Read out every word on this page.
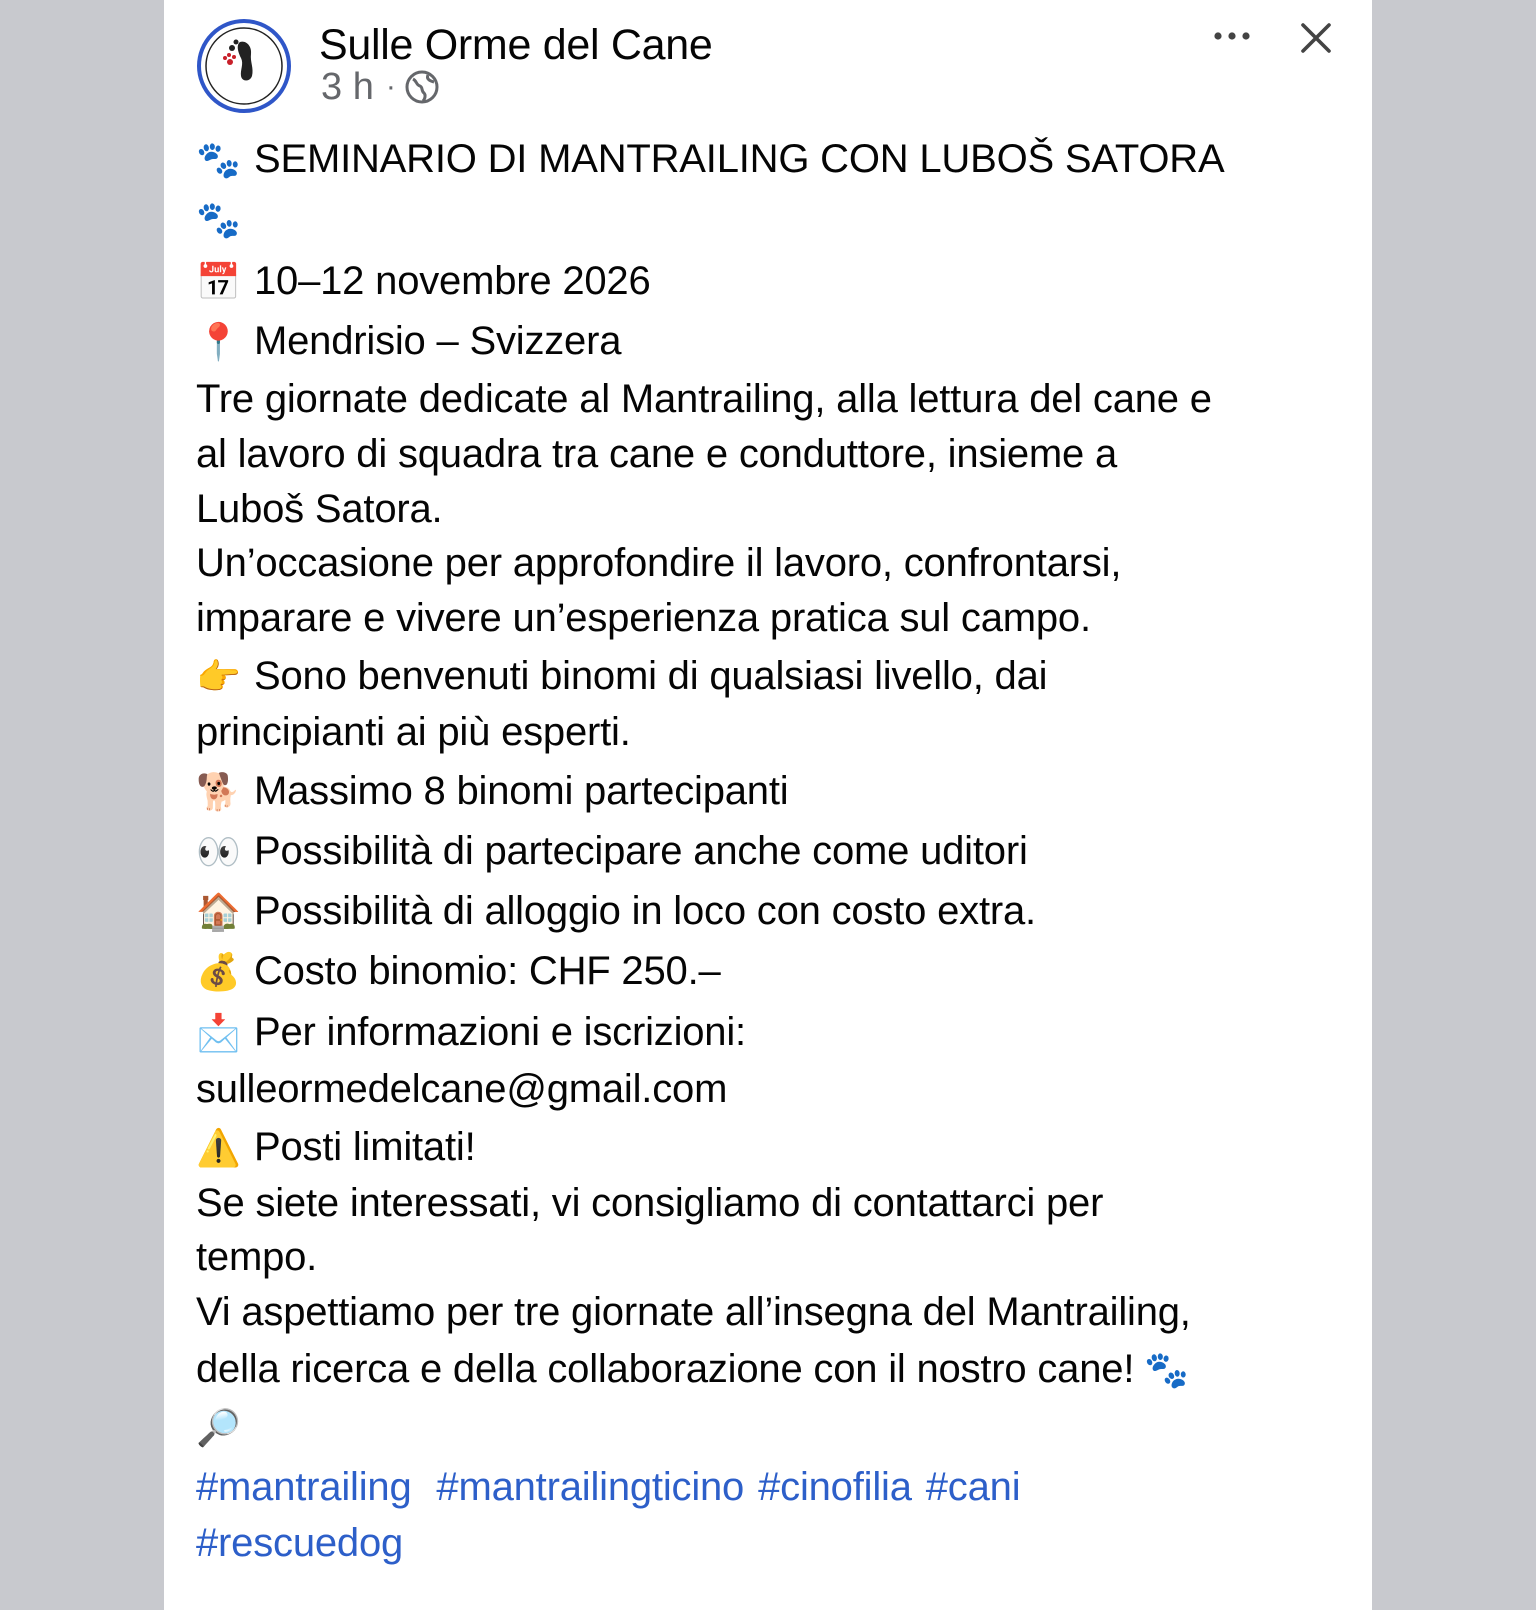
Sulle Orme del Cane
3 h ·
🐾 SEMINARIO DI MANTRAILING CON LUBOŠ SATORA
🐾
📅 10–12 novembre 2026
📍 Mendrisio – Svizzera
Tre giornate dedicate al Mantrailing, alla lettura del cane e
al lavoro di squadra tra cane e conduttore, insieme a
Luboš Satora.
Un’occasione per approfondire il lavoro, confrontarsi,
imparare e vivere un’esperienza pratica sul campo.
👉 Sono benvenuti binomi di qualsiasi livello, dai
principianti ai più esperti.
🐕 Massimo 8 binomi partecipanti
👀 Possibilità di partecipare anche come uditori
🏠 Possibilità di alloggio in loco con costo extra.
💰 Costo binomio: CHF 250.–
📩 Per informazioni e iscrizioni:
sulleormedelcane@gmail.com
⚠️ Posti limitati!
Se siete interessati, vi consigliamo di contattarci per
tempo.
Vi aspettiamo per tre giornate all’insegna del Mantrailing,
della ricerca e della collaborazione con il nostro cane! 🐾
🔎
#mantrailing #mantrailingticino #cinofilia #cani
#rescuedog
